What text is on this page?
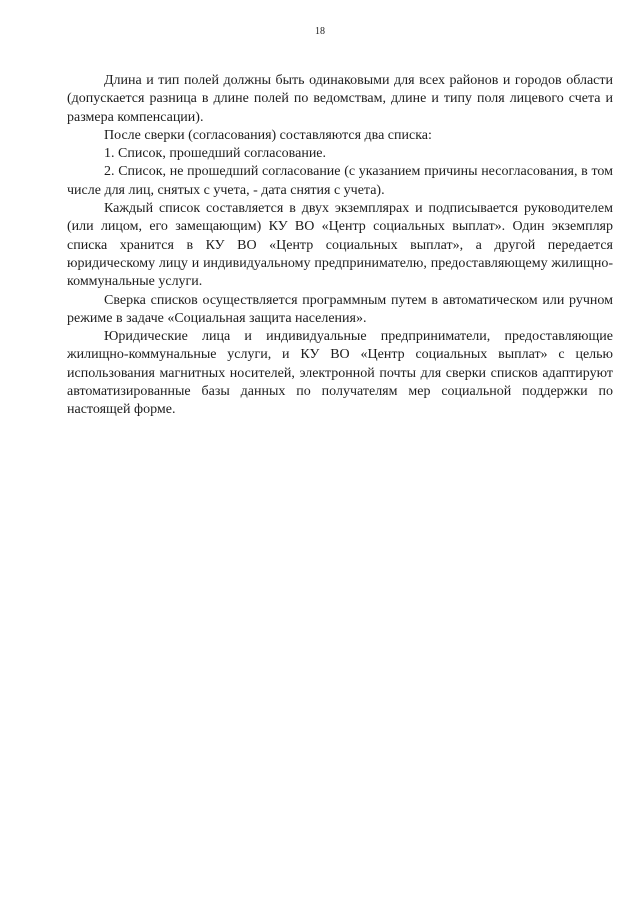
18

Длина и тип полей должны быть одинаковыми для всех районов и городов области (допускается разница в длине полей по ведомствам, длине и типу поля лицевого счета и размера компенсации).

После сверки (согласования) составляются два списка:

1. Список, прошедший согласование.

2. Список, не прошедший согласование (с указанием причины несогласования, в том числе для лиц, снятых с учета, - дата снятия с учета).

Каждый список составляется в двух экземплярах и подписывается руководителем (или лицом, его замещающим) КУ ВО «Центр социальных выплат». Один экземпляр списка хранится в КУ ВО «Центр социальных выплат», а другой передается юридическому лицу и индивидуальному предпринимателю, предоставляющему жилищно-коммунальные услуги.

Сверка списков осуществляется программным путем в автоматическом или ручном режиме в задаче «Социальная защита населения».

Юридические лица и индивидуальные предприниматели, предоставляющие жилищно-коммунальные услуги, и КУ ВО «Центр социальных выплат» с целью использования магнитных носителей, электронной почты для сверки списков адаптируют автоматизированные базы данных по получателям мер социальной поддержки по настоящей форме.
